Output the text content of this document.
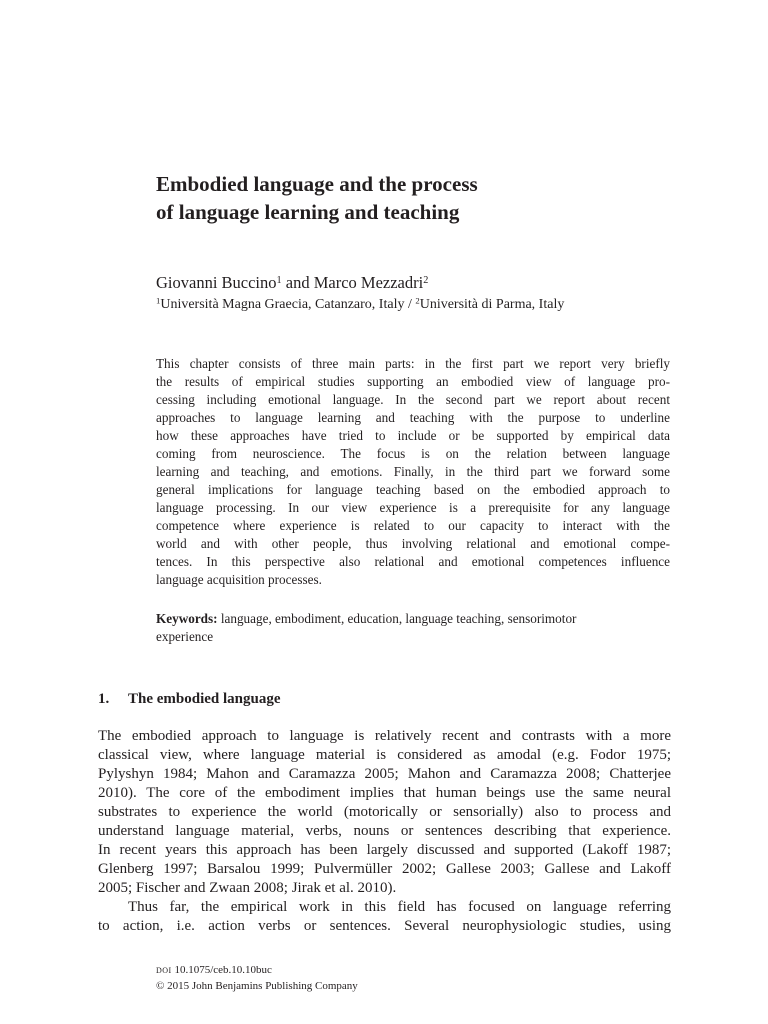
Embodied language and the process
of language learning and teaching
Giovanni Buccino$^1$ and Marco Mezzadri$^2$
$^1$Università Magna Graecia, Catanzaro, Italy / $^2$Università di Parma, Italy
This chapter consists of three main parts: in the first part we report very briefly
the results of empirical studies supporting an embodied view of language pro-
cessing including emotional language. In the second part we report about recent
approaches to language learning and teaching with the purpose to underline
how these approaches have tried to include or be supported by empirical data
coming from neuroscience. The focus is on the relation between language
learning and teaching, and emotions. Finally, in the third part we forward some
general implications for language teaching based on the embodied approach to
language processing. In our view experience is a prerequisite for any language
competence where experience is related to our capacity to interact with the
world and with other people, thus involving relational and emotional compe-
tences. In this perspective also relational and emotional competences influence
language acquisition processes.
Keywords: language, embodiment, education, language teaching, sensorimotor
experience
1. The embodied language
The embodied approach to language is relatively recent and contrasts with a more
classical view, where language material is considered as amodal (e.g. Fodor 1975;
Pylyshyn 1984; Mahon and Caramazza 2005; Mahon and Caramazza 2008; Chatterjee
2010). The core of the embodiment implies that human beings use the same neural
substrates to experience the world (motorically or sensorially) also to process and
understand language material, verbs, nouns or sentences describing that experience.
In recent years this approach has been largely discussed and supported (Lakoff 1987;
Glenberg 1997; Barsalou 1999; Pulvermüller 2002; Gallese 2003; Gallese and Lakoff
2005; Fischer and Zwaan 2008; Jirak et al. 2010).
Thus far, the empirical work in this field has focused on language referring
to action, i.e. action verbs or sentences. Several neurophysiologic studies, using
doi 10.1075/ceb.10.10buc
© 2015 John Benjamins Publishing Company
